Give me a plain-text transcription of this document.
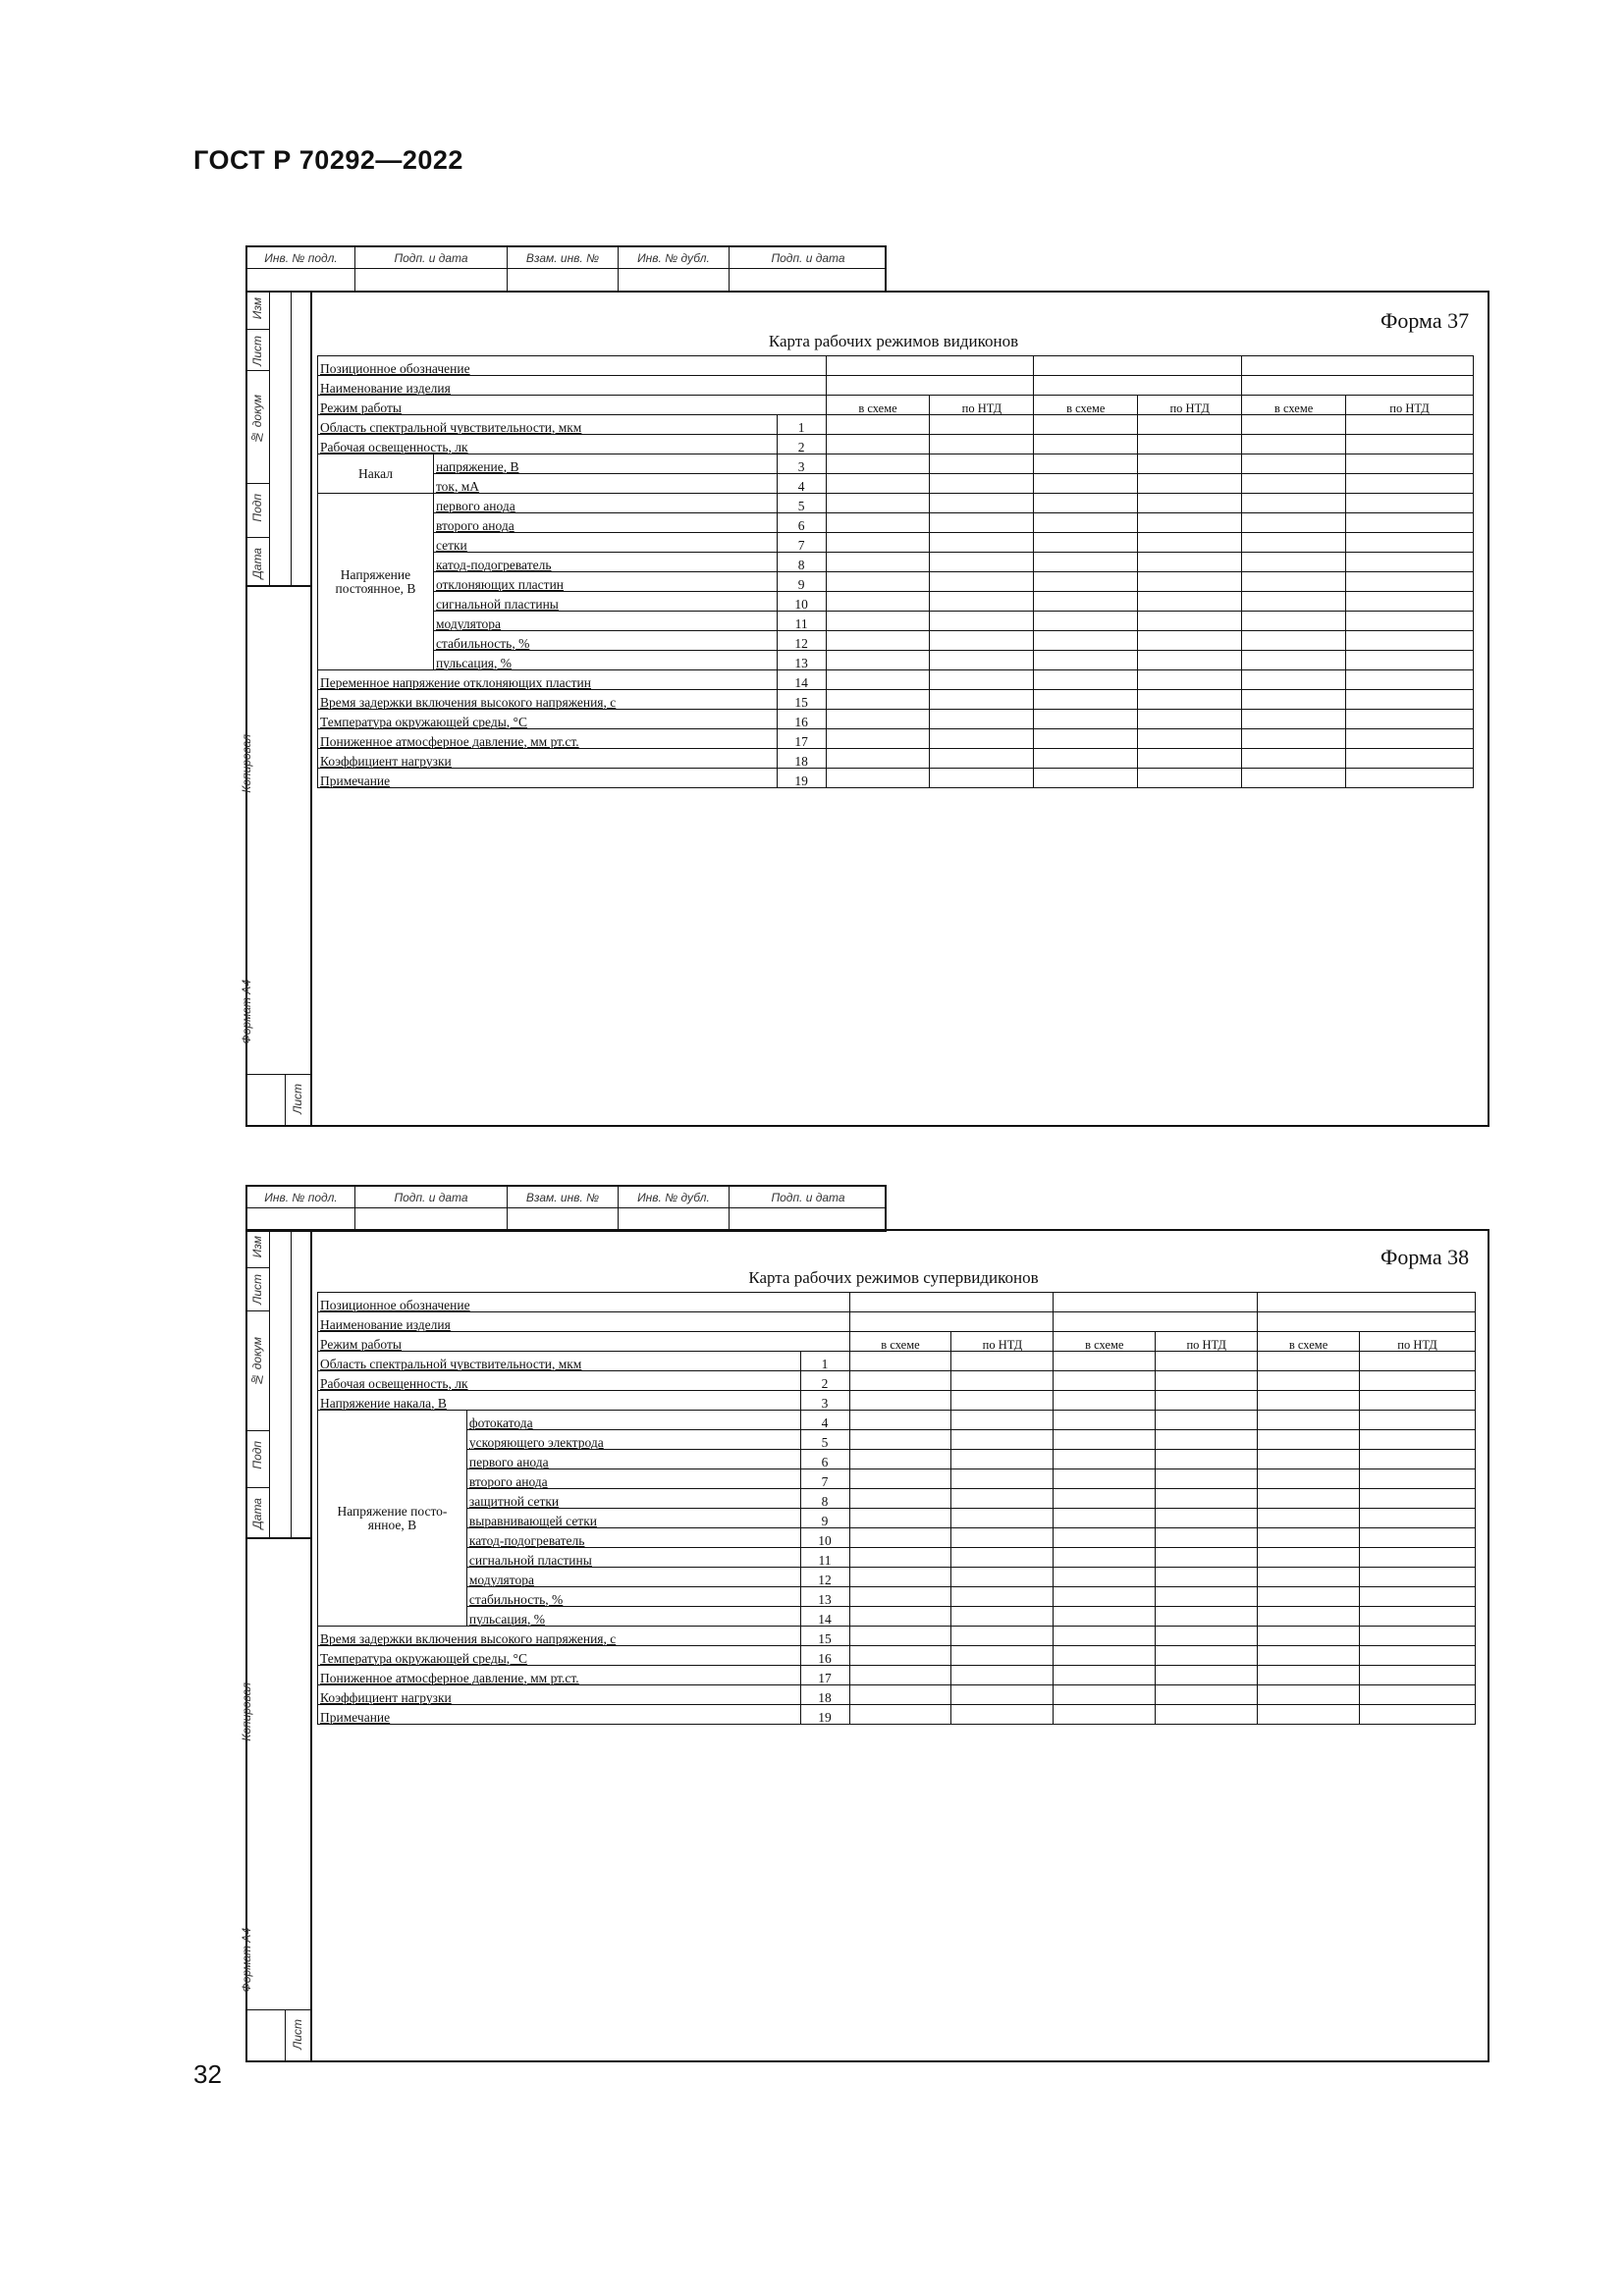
ГОСТ Р 70292—2022
Инв. № подл.	Подп. и дата	Взам. инв. №	Инв. № дубл.	Подп. и дата
Изм
Лист
№ докум
Подп
Дата
Копировал
Формат А4
Лист
Форма 37
Карта рабочих режимов видиконов
Позиционное обозначение								
Наименование изделия								
Режим работы			в схеме	по НТД	в схеме	по НТД	в схеме	по НТД
Область спектральной чувствительности, мкм		1						
Рабочая освещенность, лк		2						
Накал	напряжение, В	3						
	ток, мА	4						
Напряжение постоянное, В	первого анода	5						
	второго анода	6						
	сетки	7						
	катод-подогреватель	8						
	отклоняющих пластин	9						
	сигнальной пластины	10						
	модулятора	11						
	стабильность, %	12						
	пульсация, %	13						
Переменное напряжение отклоняющих пластин		14						
Время задержки включения высокого напряжения, с		15						
Температура окружающей среды, °С		16						
Пониженное атмосферное давление, мм рт.ст.		17						
Коэффициент нагрузки		18						
Примечание		19						
Инв. № подл.	Подп. и дата	Взам. инв. №	Инв. № дубл.	Подп. и дата
Изм
Лист
№ докум
Подп
Дата
Копировал
Формат А4
Лист
Форма 38
Карта рабочих режимов супервидиконов
Позиционное обозначение								
Наименование изделия								
Режим работы			в схеме	по НТД	в схеме	по НТД	в схеме	по НТД
Область спектральной чувствительности, мкм		1						
Рабочая освещенность, лк		2						
Напряжение накала, В		3						
Напряжение посто-янное, В	фотокатода	4						
	ускоряющего электрода	5						
	первого анода	6						
	второго анода	7						
	защитной сетки	8						
	выравнивающей сетки	9						
	катод-подогреватель	10						
	сигнальной пластины	11						
	модулятора	12						
	стабильность, %	13						
	пульсация, %	14						
Время задержки включения высокого напряжения, с		15						
Температура окружающей среды, °С		16						
Пониженное атмосферное давление, мм рт.ст.		17						
Коэффициент нагрузки		18						
Примечание		19						
32
